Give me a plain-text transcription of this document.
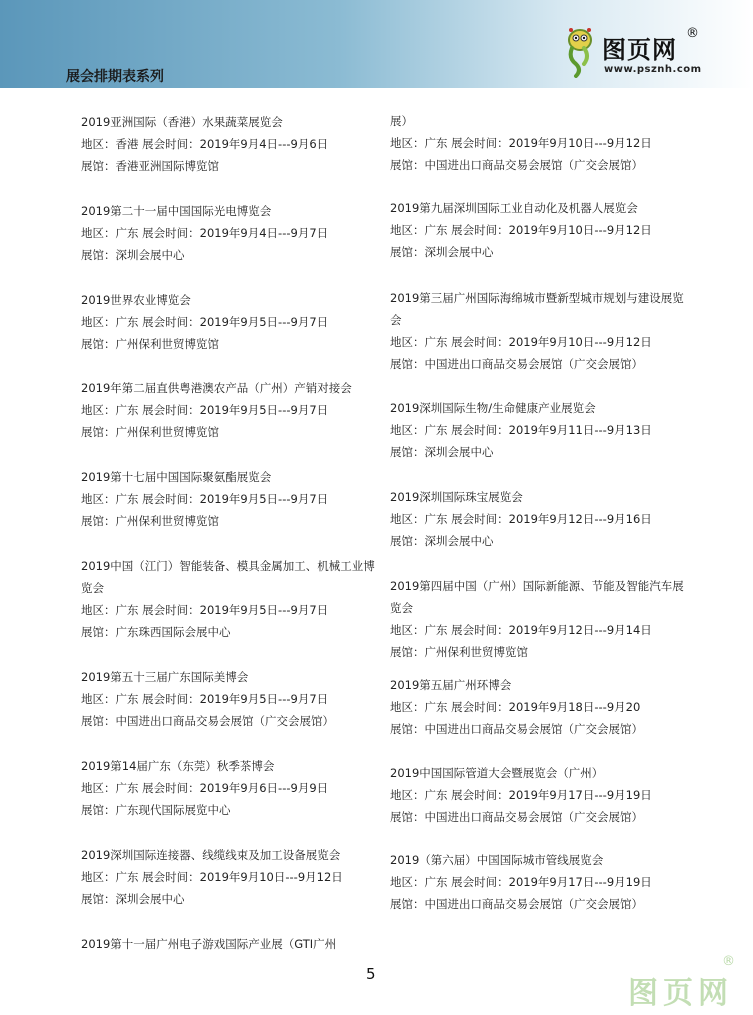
展会排期表系列
图页网
®
www.psznh.com
2019亚洲国际（香港）水果蔬菜展览会
地区：香港 展会时间：2019年9月4日---9月6日
展馆：香港亚洲国际博览馆
2019第二十一届中国国际光电博览会
地区：广东 展会时间：2019年9月4日---9月7日
展馆：深圳会展中心
2019世界农业博览会
地区：广东 展会时间：2019年9月5日---9月7日
展馆：广州保利世贸博览馆
2019年第二届直供粤港澳农产品（广州）产销对接会
地区：广东 展会时间：2019年9月5日---9月7日
展馆：广州保利世贸博览馆
2019第十七届中国国际聚氨酯展览会
地区：广东 展会时间：2019年9月5日---9月7日
展馆：广州保利世贸博览馆
2019中国（江门）智能装备、模具金属加工、机械工业博览会
地区：广东 展会时间：2019年9月5日---9月7日
展馆：广东珠西国际会展中心
2019第五十三届广东国际美博会
地区：广东 展会时间：2019年9月5日---9月7日
展馆：中国进出口商品交易会展馆（广交会展馆）
2019第14届广东（东莞）秋季茶博会
地区：广东 展会时间：2019年9月6日---9月9日
展馆：广东现代国际展览中心
2019深圳国际连接器、线缆线束及加工设备展览会
地区：广东 展会时间：2019年9月10日---9月12日
展馆：深圳会展中心
2019第十一届广州电子游戏国际产业展（GTI广州
展）
地区：广东 展会时间：2019年9月10日---9月12日
展馆：中国进出口商品交易会展馆（广交会展馆）
2019第九届深圳国际工业自动化及机器人展览会
地区：广东 展会时间：2019年9月10日---9月12日
展馆：深圳会展中心
2019第三届广州国际海绵城市暨新型城市规划与建设展览会
地区：广东 展会时间：2019年9月10日---9月12日
展馆：中国进出口商品交易会展馆（广交会展馆）
2019深圳国际生物/生命健康产业展览会
地区：广东 展会时间：2019年9月11日---9月13日
展馆：深圳会展中心
2019深圳国际珠宝展览会
地区：广东 展会时间：2019年9月12日---9月16日
展馆：深圳会展中心
2019第四届中国（广州）国际新能源、节能及智能汽车展览会
地区：广东 展会时间：2019年9月12日---9月14日
展馆：广州保利世贸博览馆
2019第五届广州环博会
地区：广东 展会时间：2019年9月18日---9月20
展馆：中国进出口商品交易会展馆（广交会展馆）
2019中国国际管道大会暨展览会（广州）
地区：广东 展会时间：2019年9月17日---9月19日
展馆：中国进出口商品交易会展馆（广交会展馆）
2019（第六届）中国国际城市管线展览会
地区：广东 展会时间：2019年9月17日---9月19日
展馆：中国进出口商品交易会展馆（广交会展馆）
5
图页网
®
